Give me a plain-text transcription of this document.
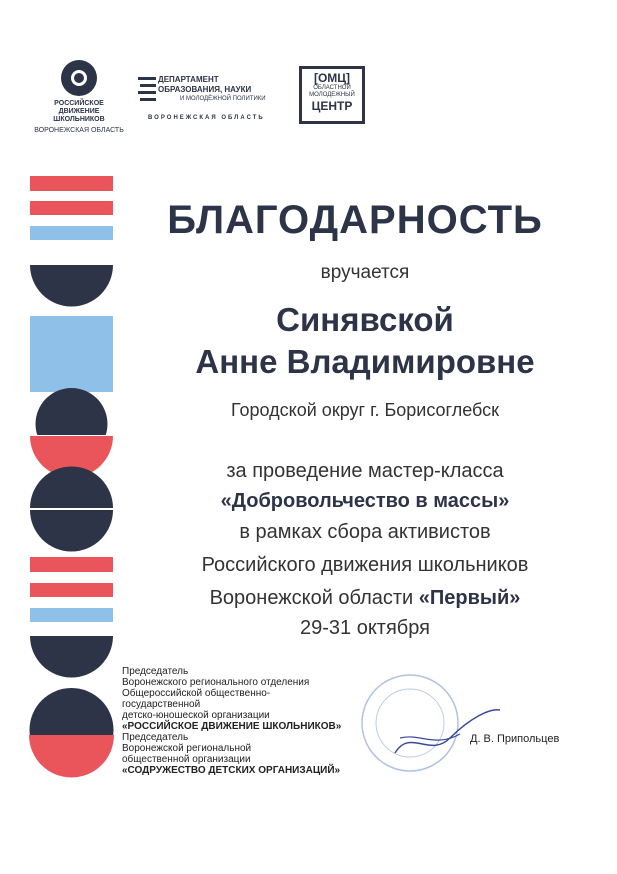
РОССИЙСКОЕ
ДВИЖЕНИЕ ШКОЛЬНИКОВ
ВОРОНЕЖСКАЯ ОБЛАСТЬ
ДЕПАРТАМЕНТ
ОБРАЗОВАНИЯ, НАУКИ
И МОЛОДЁЖНОЙ ПОЛИТИКИ
ВОРОНЕЖСКАЯ ОБЛАСТЬ
[ОМЦ]
ОБЛАСТНОЙ
МОЛОДЕЖНЫЙ
ЦЕНТР
БЛАГОДАРНОСТЬ
вручается
Синявской
Анне Владимировне
Городской округ г. Борисоглебск
за проведение мастер-класса
«Добровольчество в массы»
в рамках сбора активистов
Российского движения школьников
Воронежской области «Первый»
29-31 октября
Председатель
Воронежского регионального отделения
Общероссийской общественно-
государственной
детско-юношеской организации
«РОССИЙСКОЕ ДВИЖЕНИЕ ШКОЛЬНИКОВ»
Председатель
Воронежской региональной
общественной организации
«СОДРУЖЕСТВО ДЕТСКИХ ОРГАНИЗАЦИЙ»
Д. В. Припольцев
